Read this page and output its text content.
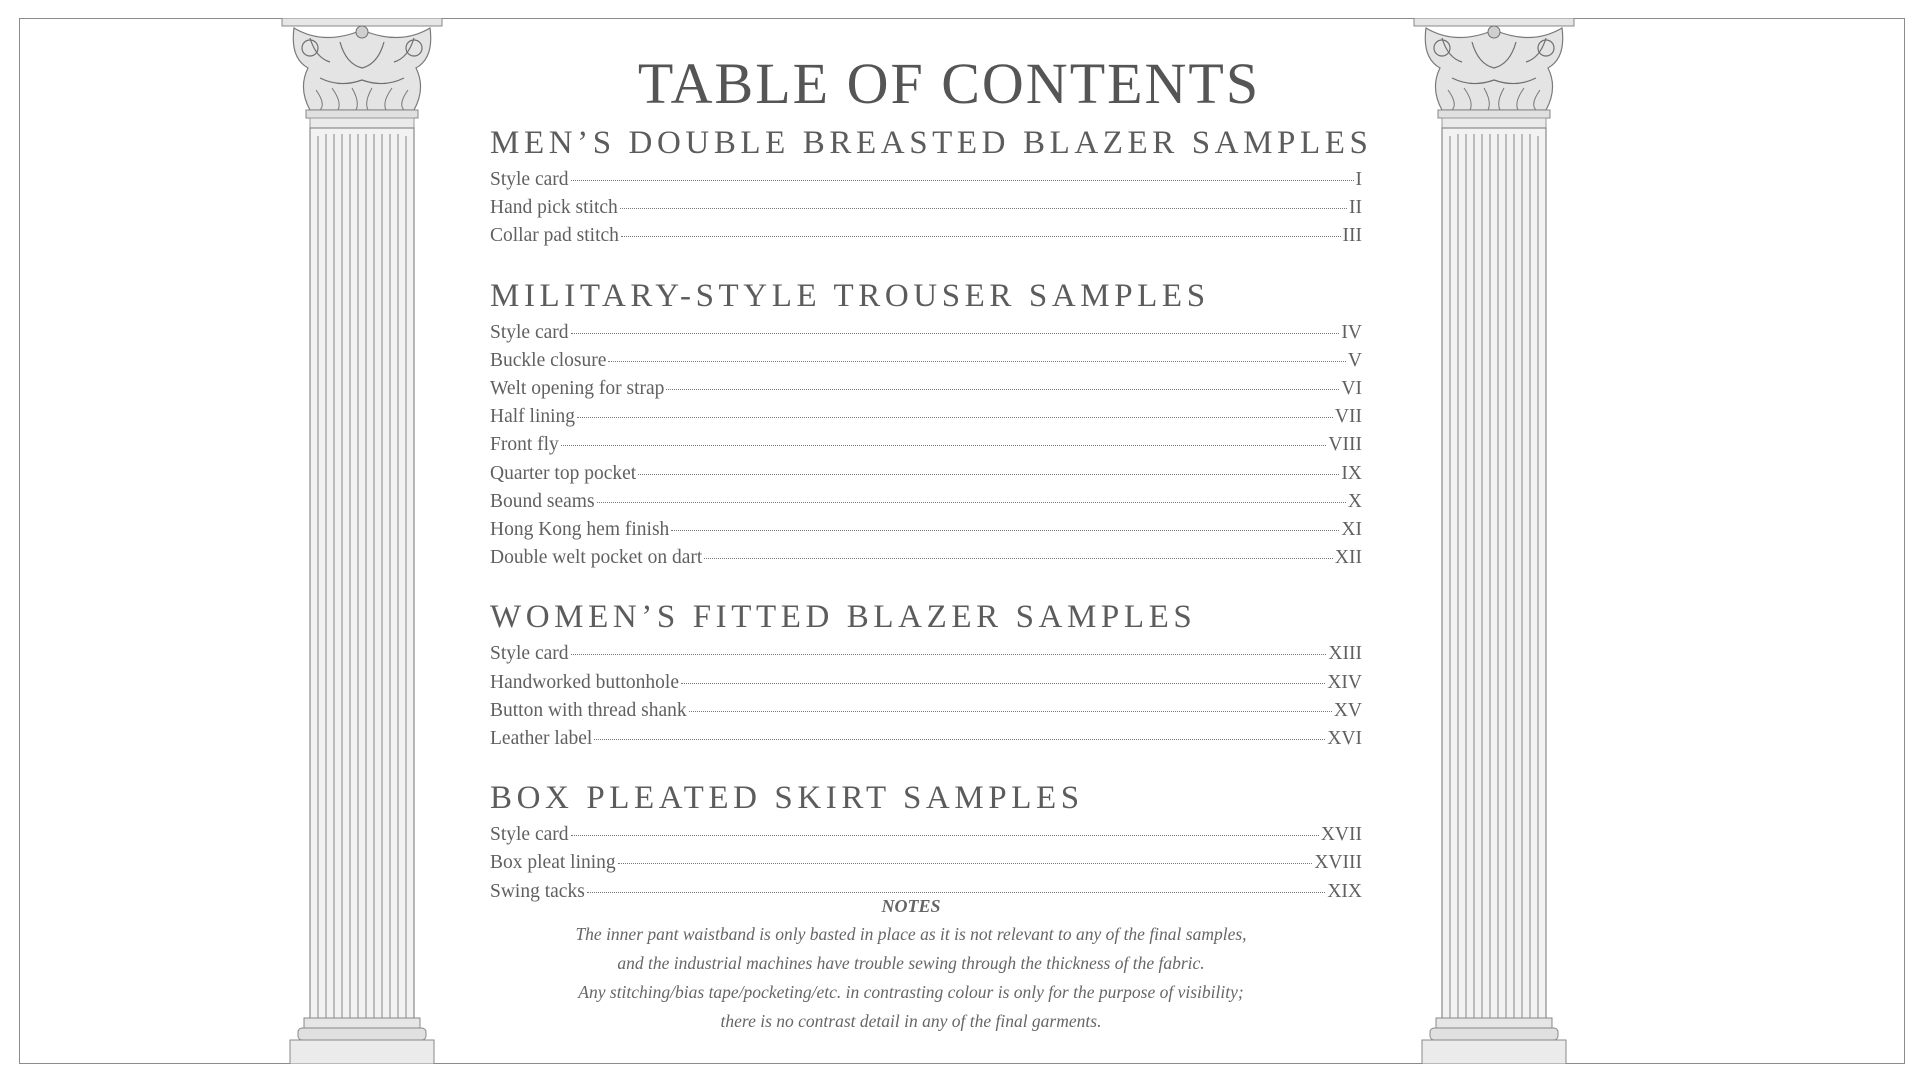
TABLE OF CONTENTS
MEN’S DOUBLE BREASTED BLAZER SAMPLES
Style card	I
Hand pick stitch	II
Collar pad stitch	III
MILITARY-STYLE TROUSER SAMPLES
Style card	IV
Buckle closure	V
Welt opening for strap	VI
Half lining	VII
Front fly	VIII
Quarter top pocket	IX
Bound seams	X
Hong Kong hem finish	XI
Double welt pocket on dart	XII
WOMEN’S FITTED BLAZER SAMPLES
Style card	XIII
Handworked buttonhole	XIV
Button with thread shank	XV
Leather label	XVI
BOX PLEATED SKIRT SAMPLES
Style card	XVII
Box pleat lining	XVIII
Swing tacks	XIX

NOTES

The inner pant waistband is only basted in place as it is not relevant to any of the final samples,

and the industrial machines have trouble sewing through the thickness of the fabric.

Any stitching/bias tape/pocketing/etc. in contrasting colour is only for the purpose of visibility;

there is no contrast detail in any of the final garments.
